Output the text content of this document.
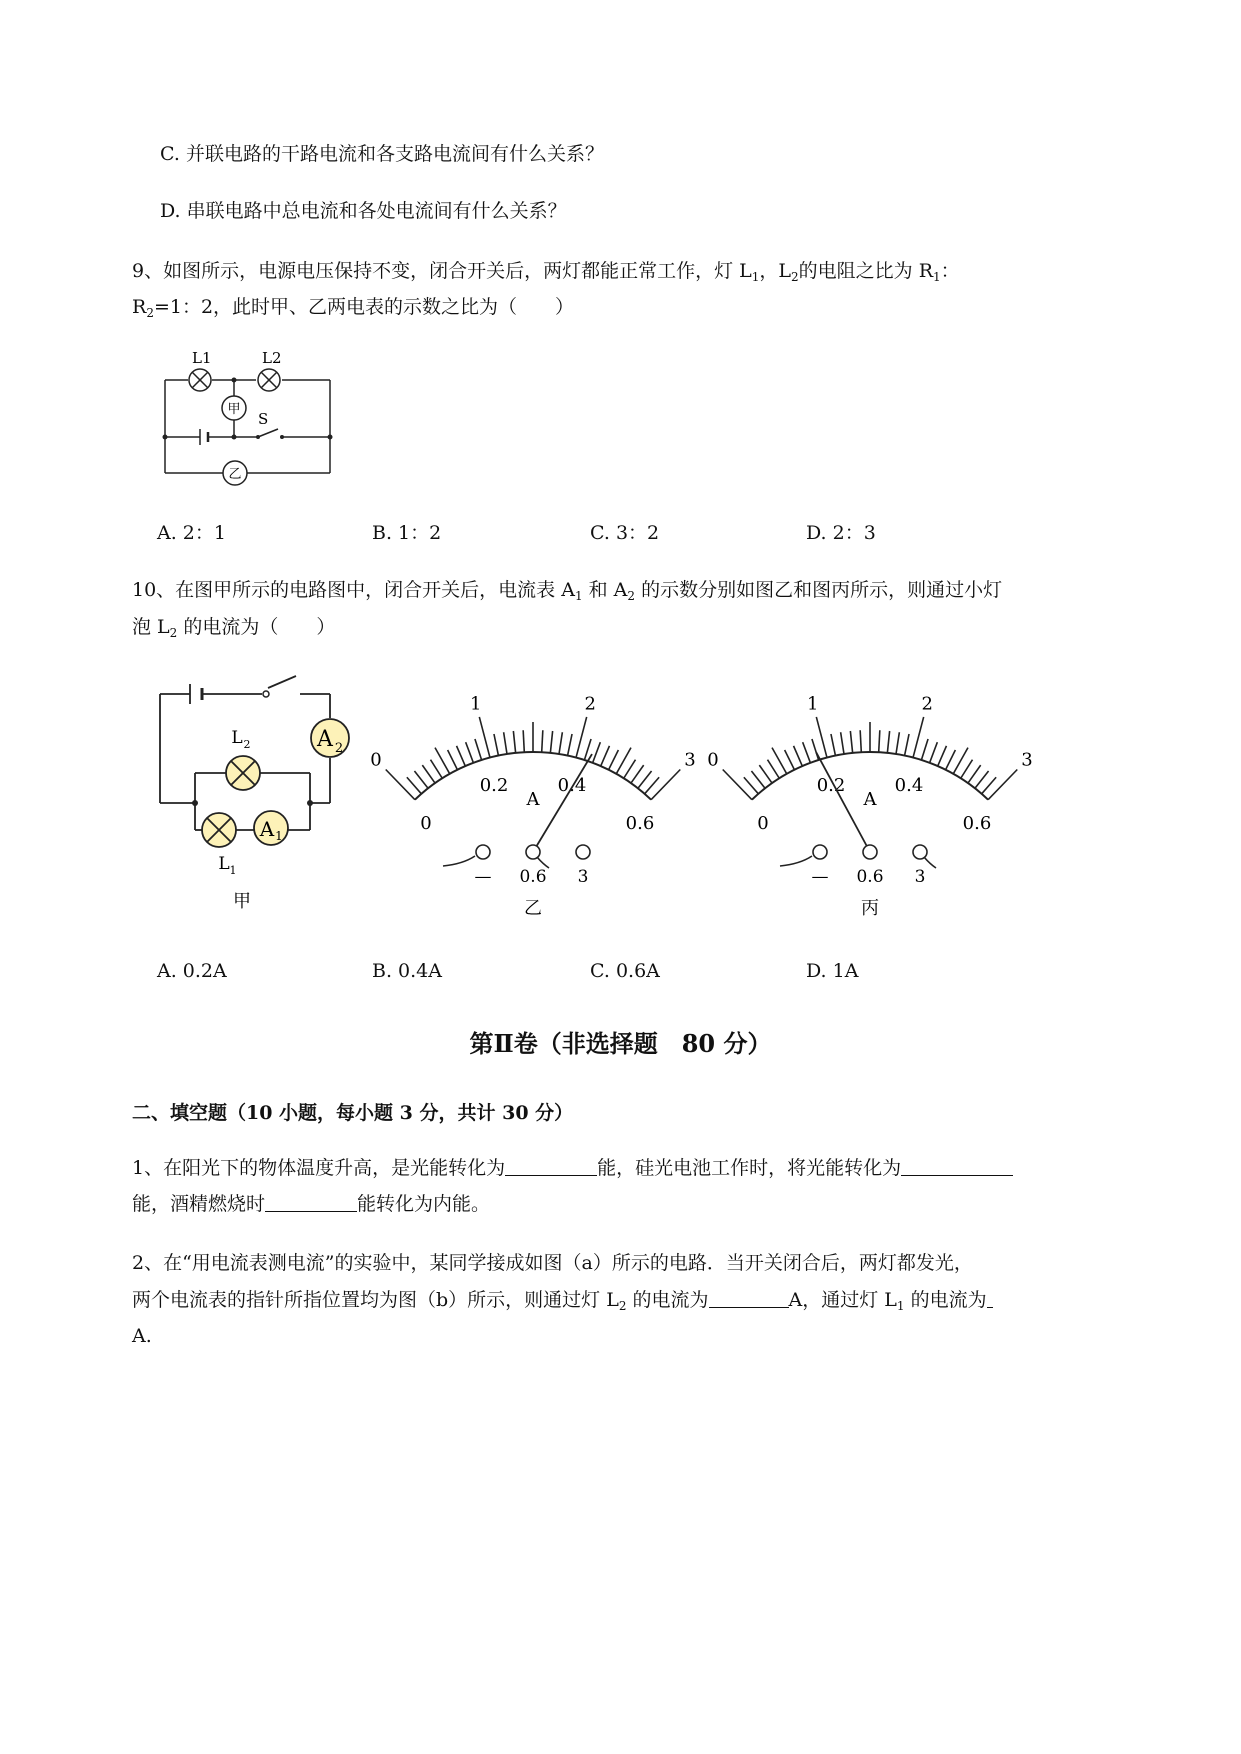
C. 并联电路的干路电流和各支路电流间有什么关系？
D. 串联电路中总电流和各处电流间有什么关系？
9、如图所示，电源电压保持不变，闭合开关后，两灯都能正常工作，灯 $L_1$，$L_2$的电阻之比为 $R_1$：
$R_2=1$：2，此时甲、乙两电表的示数之比为（　　）
甲
乙
L1	L2
S
A. 2：1	B. 1：2	C. 3：2	D. 2：3
10、在图甲所示的电路图中，闭合开关后，电流表 $A_1$ 和 $A_2$ 的示数分别如图乙和图丙所示，则通过小灯
泡 $L_2$ 的电流为（　　）
A 2
L 2
L 1
A 1
甲
0
1	2
3
0
0.2	0.4
0.6
A
— 0.6 3
乙
0
1	2
3
0
0.2	0.4
0.6
A
— 0.6 3
丙
A. 0.2A	B. 0.4A	C. 0.6A	D. 1A
第Ⅱ卷（非选择题　80 分）
二、填空题（10 小题，每小题 3 分，共计 30 分）
1、在阳光下的物体温度升高，是光能转化为	能，硅光电池工作时，将光能转化为
能，酒精燃烧时	能转化为内能。
2、在“用电流表测电流”的实验中，某同学接成如图（a）所示的电路．当开关闭合后，两灯都发光，
两个电流表的指针所指位置均为图（b）所示，则通过灯 $L_2$ 的电流为	A，通过灯 $L_1$ 的电流为
A.
